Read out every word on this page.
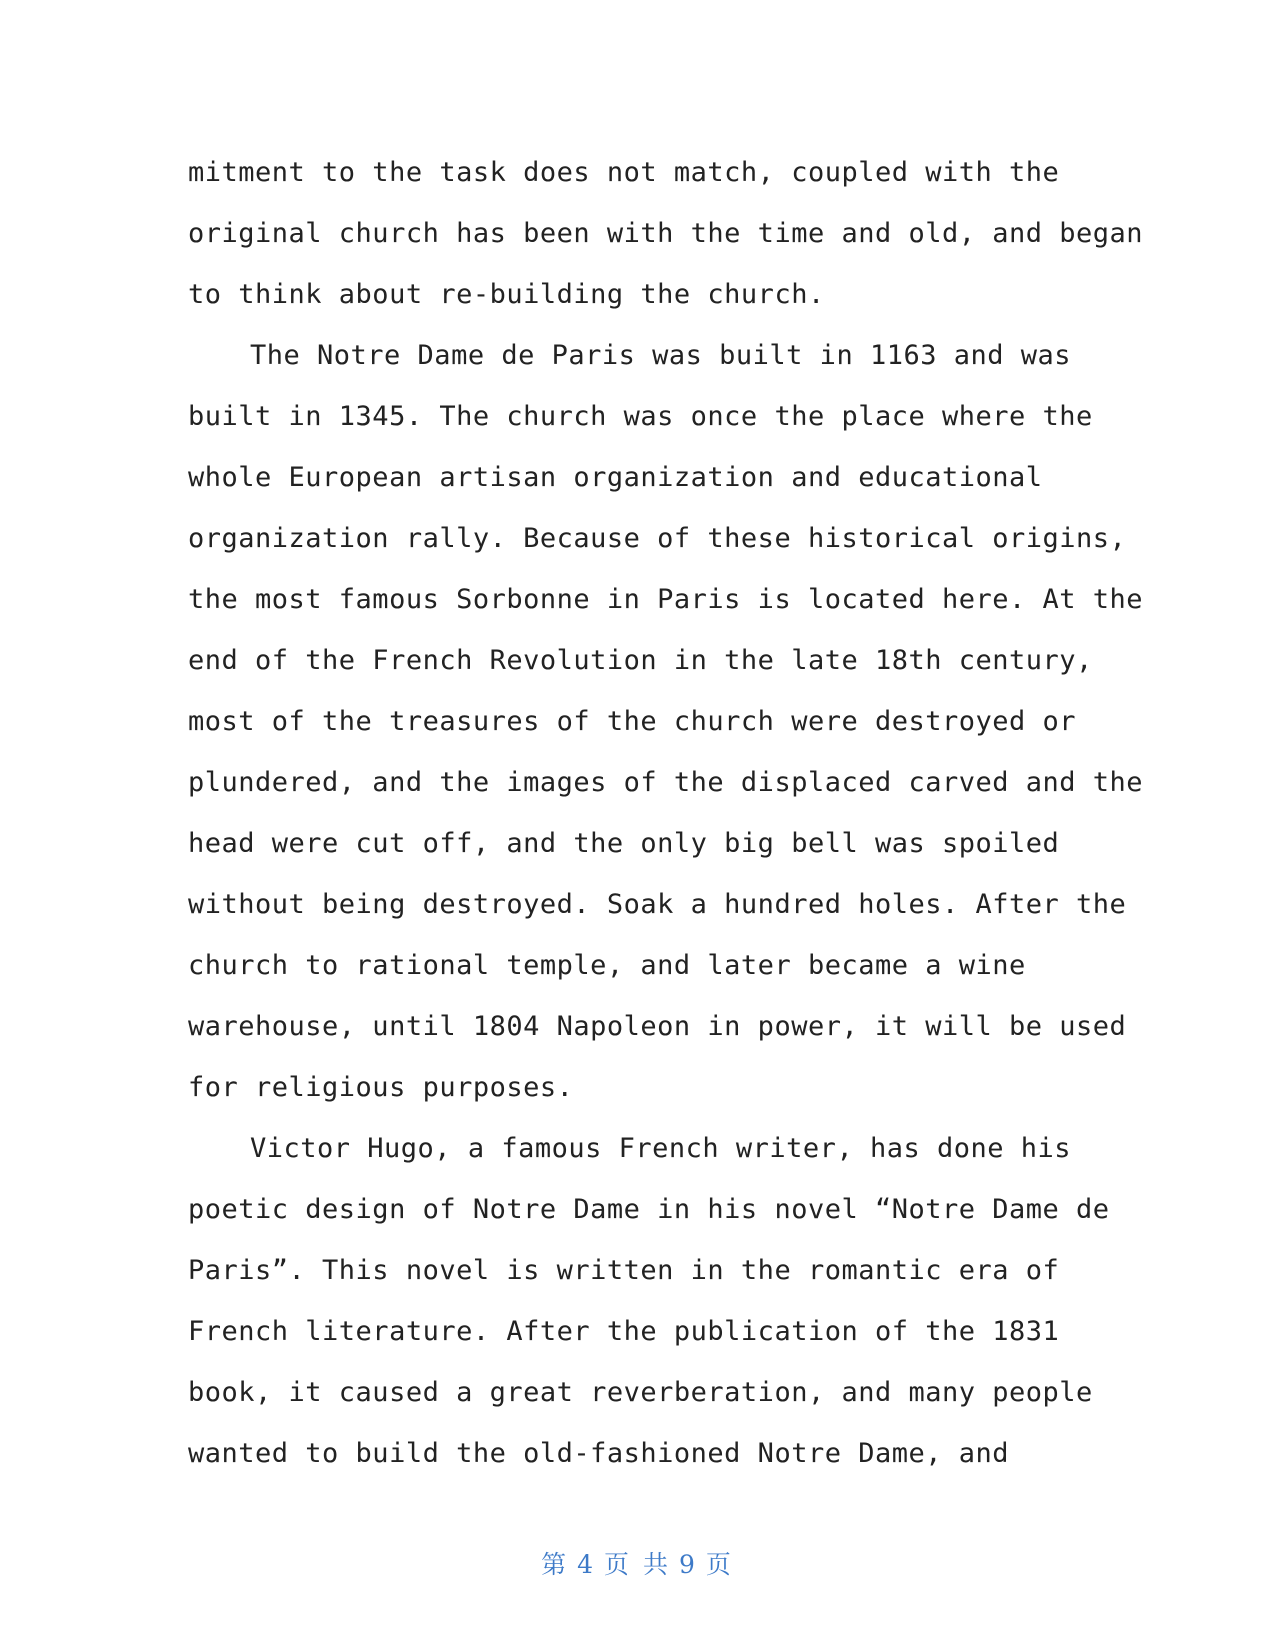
mitment to the task does not match, coupled with the
original church has been with the time and old, and began
to think about re-building the church.
The Notre Dame de Paris was built in 1163 and was
built in 1345. The church was once the place where the
whole European artisan organization and educational
organization rally. Because of these historical origins,
the most famous Sorbonne in Paris is located here. At the
end of the French Revolution in the late 18th century,
most of the treasures of the church were destroyed or
plundered, and the images of the displaced carved and the
head were cut off, and the only big bell was spoiled
without being destroyed. Soak a hundred holes. After the
church to rational temple, and later became a wine
warehouse, until 1804 Napoleon in power, it will be used
for religious purposes.
Victor Hugo, a famous French writer, has done his
poetic design of Notre Dame in his novel “Notre Dame de
Paris”. This novel is written in the romantic era of
French literature. After the publication of the 1831
book, it caused a great reverberation, and many people
wanted to build the old-fashioned Notre Dame, and
第 4 页 共 9 页
